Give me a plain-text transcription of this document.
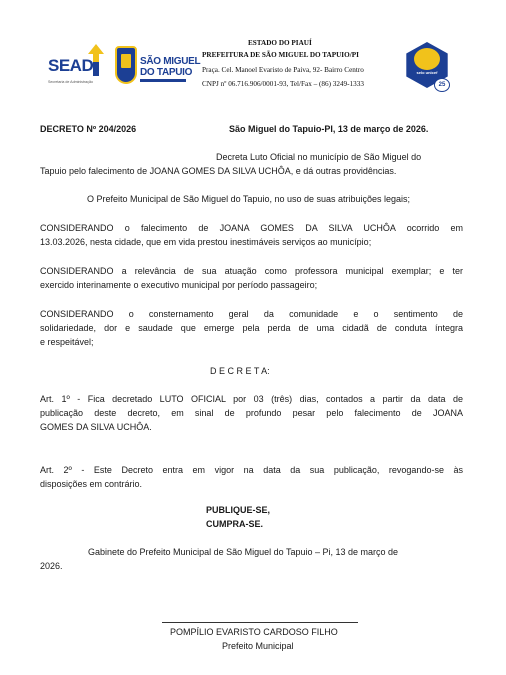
SEAD
Secretaria de Administração
SÃO MIGUEL
DO TAPUIO
ESTADO DO PIAUÍ
PREFEITURA DE SÃO MIGUEL DO TAPUIO/PI
Praça. Cel. Manoel Evaristo de Paiva, 92- Bairro Centro
CNPJ nº 06.716.906/0001-93, Tel/Fax – (86) 3249-1333
selo unicef
25
DECRETO Nº 204/2026	São Miguel do Tapuio-PI, 13 de março de 2026.
Decreta Luto Oficial no município de São Miguel do
Tapuio pelo falecimento de JOANA GOMES DA SILVA UCHÔA, e dá outras providências.
O Prefeito Municipal de São Miguel do Tapuio, no uso de suas atribuições legais;
CONSIDERANDO o falecimento de JOANA GOMES DA SILVA UCHÔA ocorrido em
13.03.2026, nesta cidade, que em vida prestou inestimáveis serviços ao município;
CONSIDERANDO a relevância de sua atuação como professora municipal exemplar; e ter
exercido interinamente o executivo municipal por período passageiro;
CONSIDERANDO o consternamento geral da comunidade e o sentimento de
solidariedade, dor e saudade que emerge pela perda de uma cidadã de conduta íntegra
e respeitável;
D E C R E T A:
Art. 1º - Fica decretado LUTO OFICIAL por 03 (três) dias, contados a partir da data de
publicação deste decreto, em sinal de profundo pesar pelo falecimento de JOANA
GOMES DA SILVA UCHÔA.
Art. 2º - Este Decreto entra em vigor na data da sua publicação, revogando-se às
disposições em contrário.
PUBLIQUE-SE,
CUMPRA-SE.
Gabinete do Prefeito Municipal de São Miguel do Tapuio – Pi, 13 de março de
2026.
POMPÍLIO EVARISTO CARDOSO FILHO
Prefeito Municipal
